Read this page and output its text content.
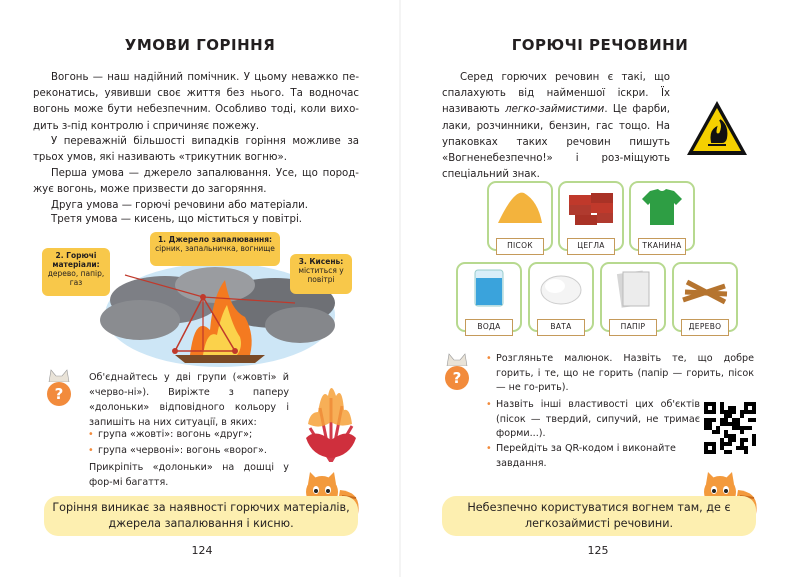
УМОВИ ГОРІННЯ

Вогонь — наш надійний помічник. У цьому неважко пе-реконатись, уявивши своє життя без нього. Та водночас вогонь може бути небезпечним. Особливо тоді, коли вихо-дить з-під контролю і спричиняє пожежу.

У переважній більшості випадків горіння можливе за трьох умов, які називають «трикутник вогню».

Перша умова — джерело запалювання. Усе, що пород-жує вогонь, може призвести до загоряння.

Друга умова — горючі речовини або матеріали.

Третя умова — кисень, що міститься у повітрі.

1. Джерело запалювання:
сірник, запальничка, вогнище
2. Горючі матеріали:
дерево, папір, газ
3. Кисень:
міститься у повітрі
?

Об'єднайтесь у дві групи («жовті» й «черво-ні»). Виріжте з паперу «долоньки» відповідного кольору і запишіть на них ситуації, в яких:

• група «жовті»: вогонь «друг»;
• група «червоні»: вогонь «ворог».

Прикріпіть «долоньки» на дошці у фор-мі багаття.

Горіння виникає за наявності горючих матеріалів, джерела запалювання і кисню.
124
ГОРЮЧІ РЕЧОВИНИ

Серед горючих речовин є такі, що спалахують від найменшої іскри. Їх називають легко-займистими. Це фарби, лаки, розчинники, бензин, гас тощо. На упаковках таких речовин пишуть «Вогненебезпечно!» і роз-міщують спеціальний знак.

ПІСОК	ЦЕГЛА	ТКАНИНА
ВОДА	ВАТА	ПАПІР	ДЕРЕВО
?
• Розгляньте малюнок. Назвіть те, що добре горить, і те, що не горить (папір — горить, пісок — не го-рить).
• Назвіть інші властивості цих об'єктів (пісок — твердий, сипучий, не тримає форми...).
• Перейдіть за QR-кодом і виконайте завдання.
Небезпечно користуватися вогнем там, де є легкозаймисті речовини.
125
